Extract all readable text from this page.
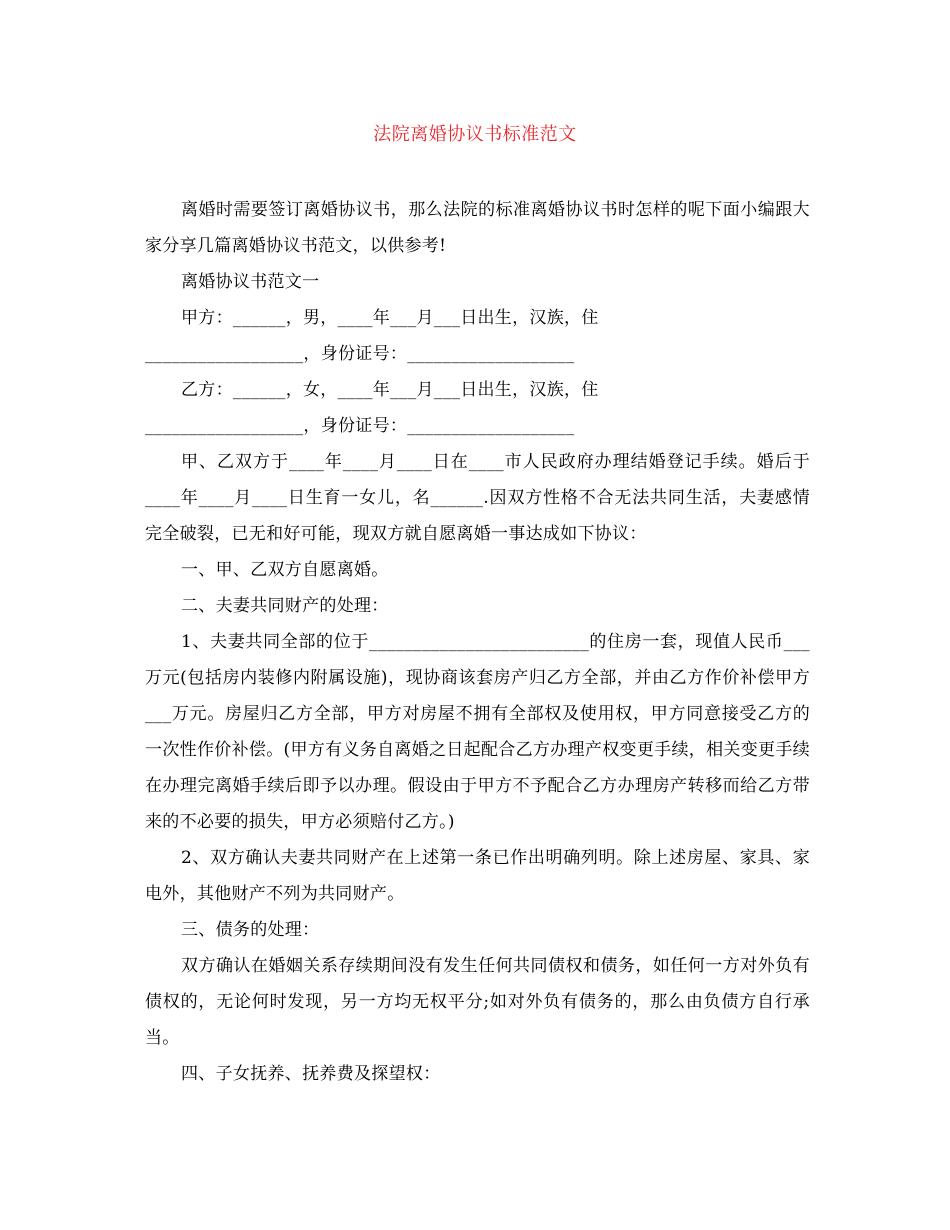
法院离婚协议书标准范文

离婚时需要签订离婚协议书，那么法院的标准离婚协议书时怎样的呢下面小编跟大家分享几篇离婚协议书范文，以供参考!

离婚协议书范文一

甲方：______，男，____年___月___日出生，汉族，住

__________________，身份证号：___________________

乙方：______，女，____年___月___日出生，汉族，住

__________________，身份证号：___________________

甲、乙双方于____年____月____日在____市人民政府办理结婚登记手续。婚后于____年____月____日生育一女儿，名______.因双方性格不合无法共同生活，夫妻感情完全破裂，已无和好可能，现双方就自愿离婚一事达成如下协议：

一、甲、乙双方自愿离婚。

二、夫妻共同财产的处理：

1、夫妻共同全部的位于_________________________的住房一套，现值人民币___万元(包括房内装修内附属设施)，现协商该套房产归乙方全部，并由乙方作价补偿甲方___万元。房屋归乙方全部，甲方对房屋不拥有全部权及使用权，甲方同意接受乙方的一次性作价补偿。(甲方有义务自离婚之日起配合乙方办理产权变更手续，相关变更手续在办理完离婚手续后即予以办理。假设由于甲方不予配合乙方办理房产转移而给乙方带来的不必要的损失，甲方必须赔付乙方。)

2、双方确认夫妻共同财产在上述第一条已作出明确列明。除上述房屋、家具、家电外，其他财产不列为共同财产。

三、债务的处理：

双方确认在婚姻关系存续期间没有发生任何共同债权和债务，如任何一方对外负有债权的，无论何时发现，另一方均无权平分;如对外负有债务的，那么由负债方自行承当。

四、子女抚养、抚养费及探望权：
